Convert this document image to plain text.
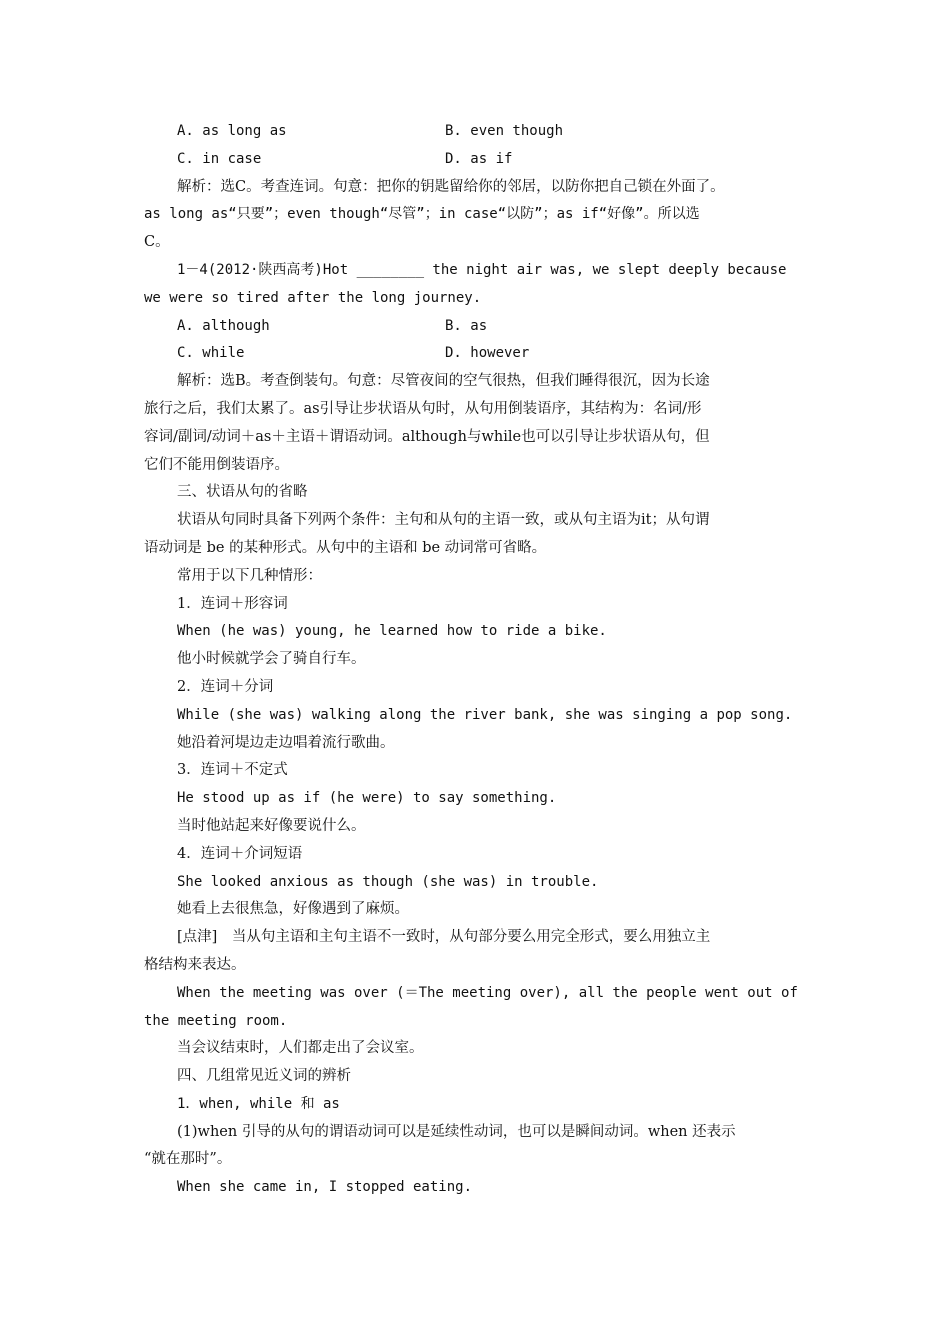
A. as long as	B. even though
C. in case	D. as if
解析：选C。考查连词。句意：把你的钥匙留给你的邻居，以防你把自己锁在外面了。
as long as“只要”；even though“尽管”；in case“以防”；as if“好像”。所以选
C。
1－4(2012·陕西高考)Hot ________ the night air was, we slept deeply because
we were so tired after the long journey.
A. although	B. as
C. while	D. however
解析：选B。考查倒装句。句意：尽管夜间的空气很热，但我们睡得很沉，因为长途
旅行之后，我们太累了。as引导让步状语从句时，从句用倒装语序，其结构为：名词/形
容词/副词/动词＋as＋主语＋谓语动词。although与while也可以引导让步状语从句，但
它们不能用倒装语序。
三、状语从句的省略
状语从句同时具备下列两个条件：主句和从句的主语一致，或从句主语为it；从句谓
语动词是 be 的某种形式。从句中的主语和 be 动词常可省略。
常用于以下几种情形：
1．连词＋形容词
When (he was) young, he learned how to ride a bike.
他小时候就学会了骑自行车。
2．连词＋分词
While (she was) walking along the river bank, she was singing a pop song.
她沿着河堤边走边唱着流行歌曲。
3．连词＋不定式
He stood up as if (he were) to say something.
当时他站起来好像要说什么。
4．连词＋介词短语
She looked anxious as though (she was) in trouble.
她看上去很焦急，好像遇到了麻烦。
[点津]　当从句主语和主句主语不一致时，从句部分要么用完全形式，要么用独立主
格结构来表达。
When the meeting was over (＝The meeting over), all the people went out of
the meeting room.
当会议结束时，人们都走出了会议室。
四、几组常见近义词的辨析
1．when, while 和 as
(1)when 引导的从句的谓语动词可以是延续性动词，也可以是瞬间动词。when 还表示
“就在那时”。
When she came in, I stopped eating.
